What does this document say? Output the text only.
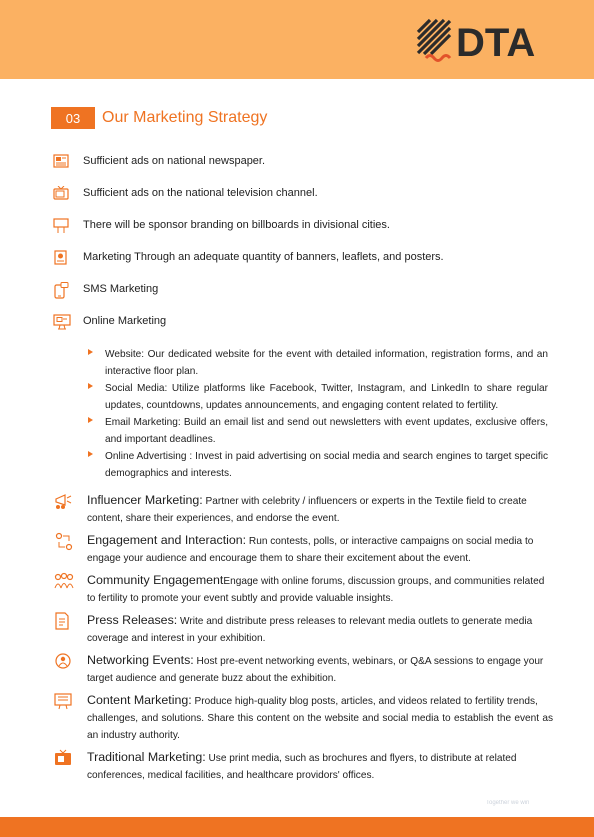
DTA
03	Our Marketing Strategy
Sufficient ads on national newspaper.
Sufficient ads on the national television channel.
There will be sponsor branding on billboards in divisional cities.
Marketing Through an adequate quantity of banners, leaflets, and posters.
SMS Marketing
Online Marketing
Website: Our dedicated website for the event with detailed information, registration forms, and an interactive floor plan.
Social Media: Utilize platforms like Facebook, Twitter, Instagram, and LinkedIn to share regular updates, countdowns, updates announcements, and engaging content related to fertility.
Email Marketing: Build an email list and send out newsletters with event updates, exclusive offers, and important deadlines.
Online Advertising : Invest in paid advertising on social media and search engines to target specific demographics and interests.
Influencer Marketing: Partner with celebrity / influencers or experts in the Textile field to create
content, share their experiences, and endorse the event.
Engagement and Interaction: Run contests, polls, or interactive campaigns on social media to
engage your audience and encourage them to share their excitement about the event.
Community EngagementEngage with online forums, discussion groups, and communities related
to fertility to promote your event subtly and provide valuable insights.
Press Releases: Write and distribute press releases to relevant media outlets to generate media
coverage and interest in your exhibition.
Networking Events: Host pre-event networking events, webinars, or Q&A sessions to engage your
target audience and generate buzz about the exhibition.
Content Marketing: Produce high-quality blog posts, articles, and videos related to fertility trends,
challenges, and solutions. Share this content on the website and social media to establish the event as an industry authority.
Traditional Marketing: Use print media, such as brochures and flyers, to distribute at related
conferences, medical facilities, and healthcare providors' offices.
Together we win
